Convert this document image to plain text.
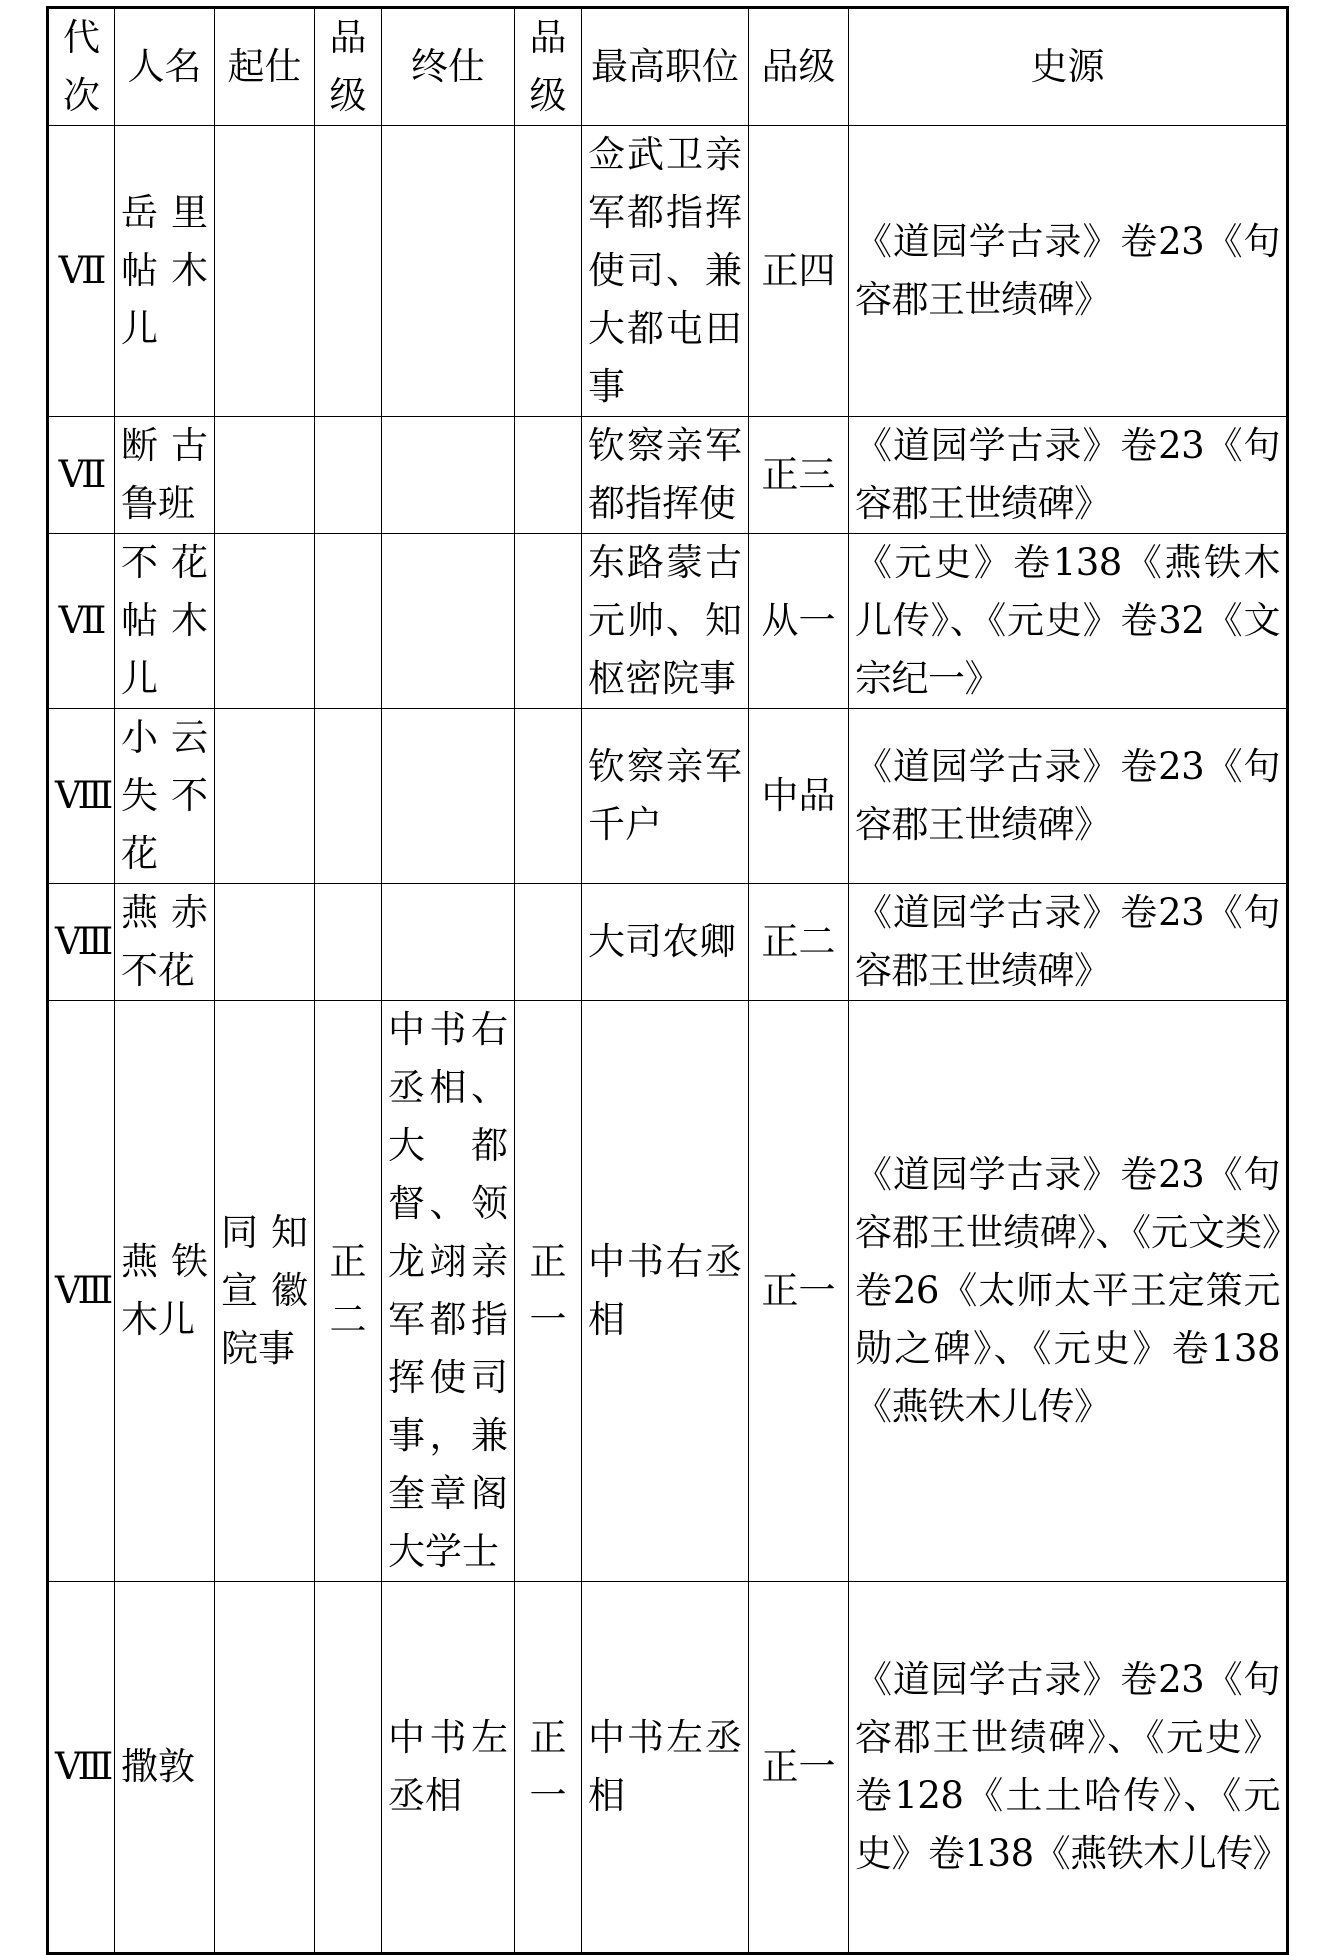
代次	人名	起仕	品级	终仕	品级	最高职位	品级	史源
Ⅶ	岳里帖木儿					佥武卫亲军都指挥使司、兼大都屯田事	正四	《道园学古录》卷23《句容郡王世绩碑》
Ⅶ	断古鲁班					钦察亲军都指挥使	正三	《道园学古录》卷23《句容郡王世绩碑》
Ⅶ	不花帖木儿					东路蒙古元帅、知枢密院事	从一	《元史》卷138《燕铁木儿传》、《元史》卷32《文宗纪一》
Ⅷ	小云失不花					钦察亲军千户	中品	《道园学古录》卷23《句容郡王世绩碑》
Ⅷ	燕赤不花					大司农卿	正二	《道园学古录》卷23《句容郡王世绩碑》
Ⅷ	燕铁木儿	同知宣徽院事	正二	中书右丞相、大都督、领龙翊亲军都指挥使司事，兼奎章阁大学士	正一	中书右丞相	正一	《道园学古录》卷23《句容郡王世绩碑》、《元文类》卷26《太师太平王定策元勋之碑》、《元史》卷138《燕铁木儿传》
Ⅷ	撒敦			中书左丞相	正一	中书左丞相	正一	《道园学古录》卷23《句容郡王世绩碑》、《元史》卷128《土土哈传》、《元史》卷138《燕铁木儿传》
